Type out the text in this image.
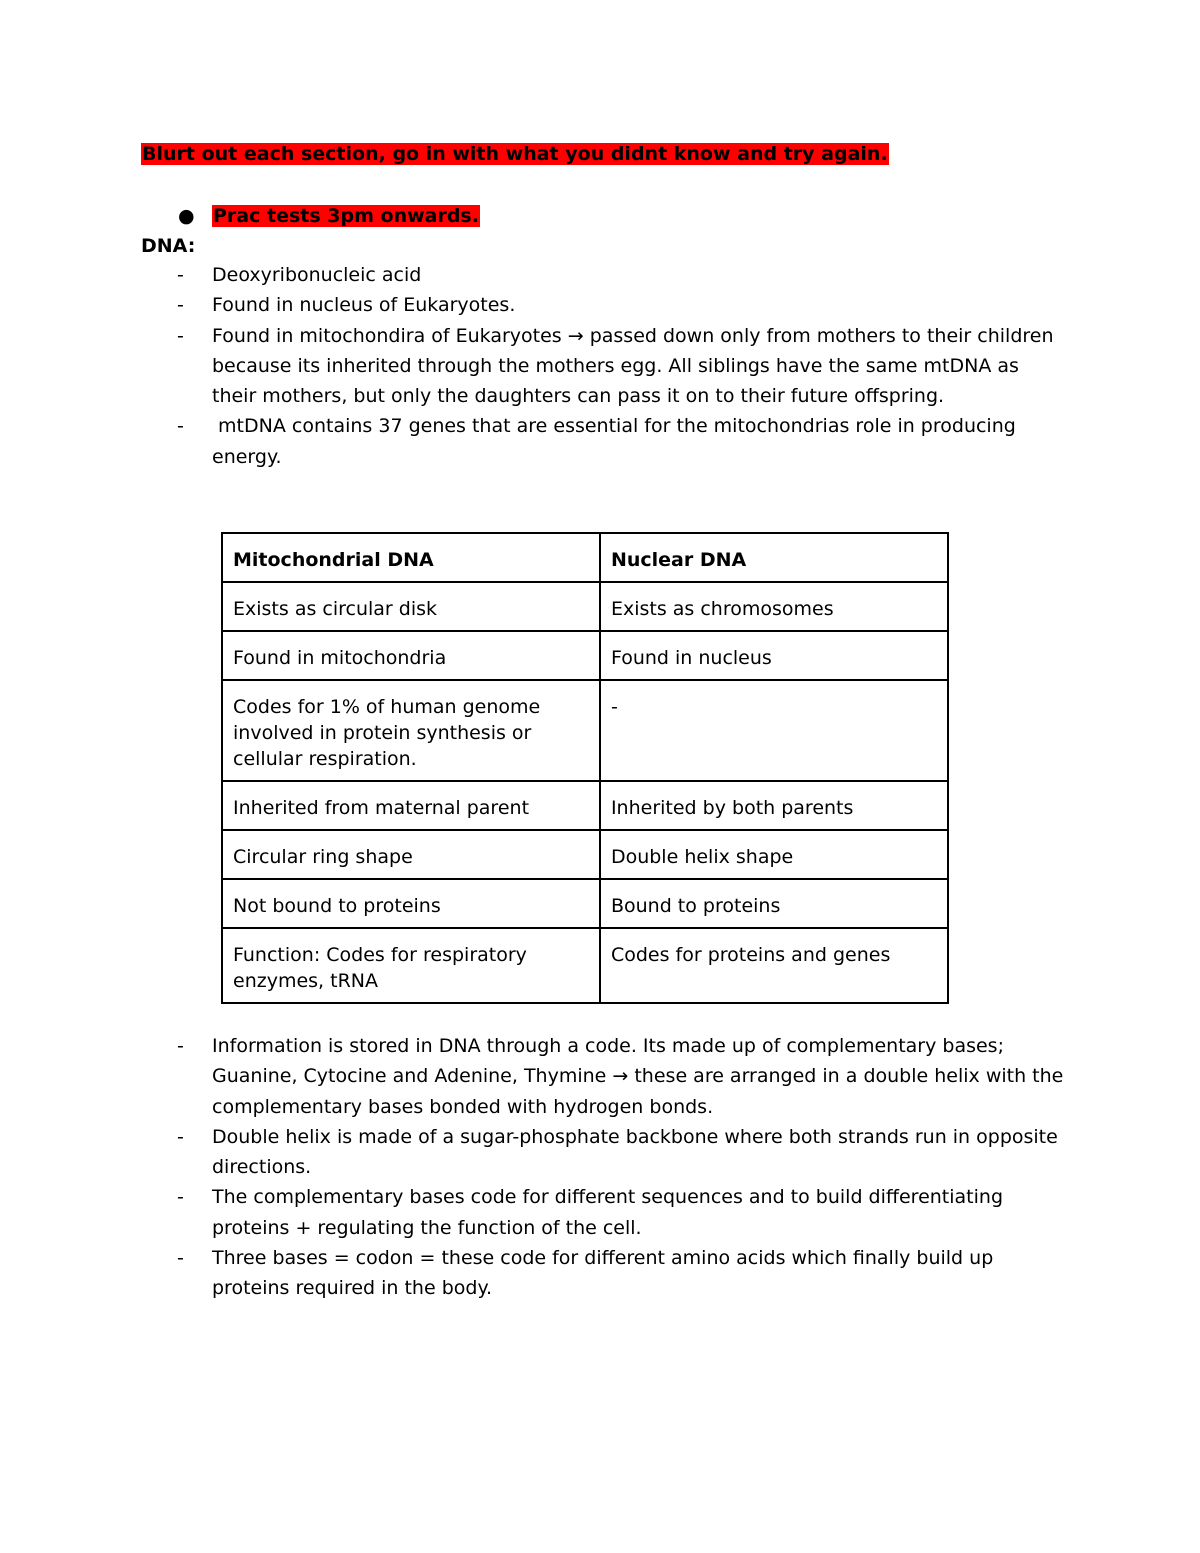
Blurt out each section, go in with what you didnt know and try again.
● Prac tests 3pm onwards.
DNA:
- Deoxyribonucleic acid
- Found in nucleus of Eukaryotes.
- Found in mitochondira of Eukaryotes → passed down only from mothers to their children because its inherited through the mothers egg. All siblings have the same mtDNA as their mothers, but only the daughters can pass it on to their future offspring.
- mtDNA contains 37 genes that are essential for the mitochondrias role in producing energy.
Mitochondrial DNA	Nuclear DNA
Exists as circular disk	Exists as chromosomes
Found in mitochondria	Found in nucleus
Codes for 1% of human genome involved in protein synthesis or cellular respiration.	-
Inherited from maternal parent	Inherited by both parents
Circular ring shape	Double helix shape
Not bound to proteins	Bound to proteins
Function: Codes for respiratory enzymes, tRNA	Codes for proteins and genes
- Information is stored in DNA through a code. Its made up of complementary bases; Guanine, Cytocine and Adenine, Thymine → these are arranged in a double helix with the complementary bases bonded with hydrogen bonds.
- Double helix is made of a sugar-phosphate backbone where both strands run in opposite directions.
- The complementary bases code for different sequences and to build differentiating proteins + regulating the function of the cell.
- Three bases = codon = these code for different amino acids which finally build up proteins required in the body.
